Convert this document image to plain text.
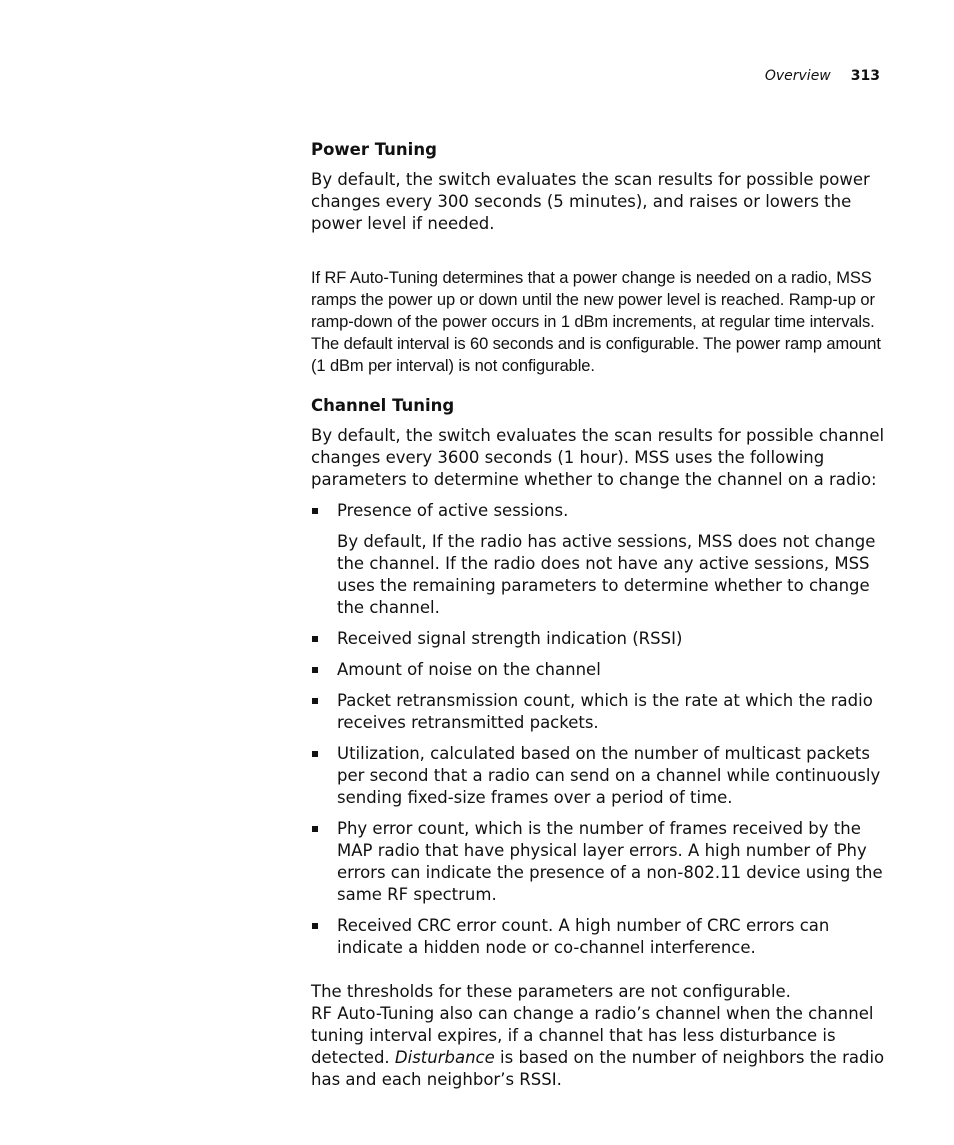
Overview 313
Power Tuning

By default, the switch evaluates the scan results for possible power changes every 300 seconds (5 minutes), and raises or lowers the power level if needed.

If RF Auto-Tuning determines that a power change is needed on a radio, MSS ramps the power up or down until the new power level is reached. Ramp-up or ramp-down of the power occurs in 1 dBm increments, at regular time intervals. The default interval is 60 seconds and is configurable. The power ramp amount (1 dBm per interval) is not configurable.

Channel Tuning

By default, the switch evaluates the scan results for possible channel changes every 3600 seconds (1 hour). MSS uses the following parameters to determine whether to change the channel on a radio:

Presence of active sessions.

By default, If the radio has active sessions, MSS does not change the channel. If the radio does not have any active sessions, MSS uses the remaining parameters to determine whether to change the channel.

Received signal strength indication (RSSI)

Amount of noise on the channel

Packet retransmission count, which is the rate at which the radio receives retransmitted packets.

Utilization, calculated based on the number of multicast packets per second that a radio can send on a channel while continuously sending fixed-size frames over a period of time.

Phy error count, which is the number of frames received by the MAP radio that have physical layer errors. A high number of Phy errors can indicate the presence of a non-802.11 device using the same RF spectrum.

Received CRC error count. A high number of CRC errors can indicate a hidden node or co-channel interference.

The thresholds for these parameters are not configurable.
RF Auto-Tuning also can change a radio’s channel when the channel tuning interval expires, if a channel that has less disturbance is detected. Disturbance is based on the number of neighbors the radio has and each neighbor’s RSSI.
